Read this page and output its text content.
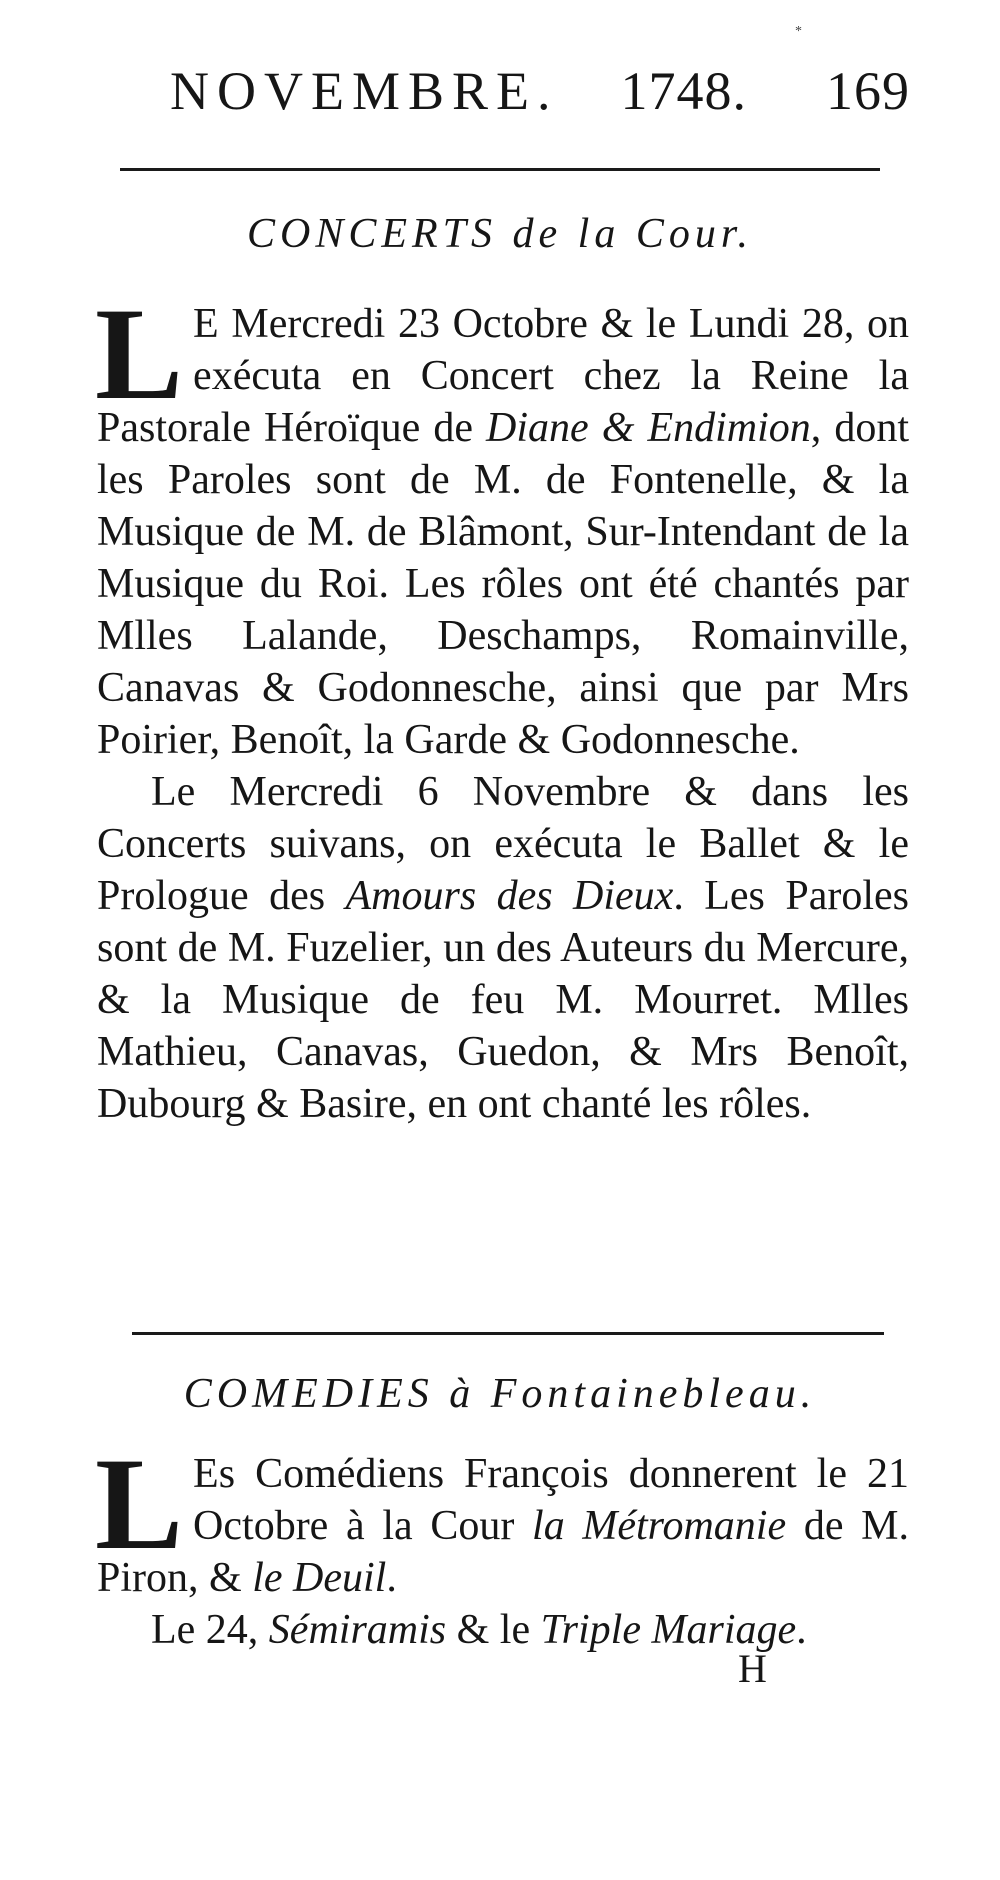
*
NOVEMBRE. 1748. 169
CONCERTS de la Cour.

L E Mercredi 23 Octobre & le Lundi 28, on exécuta en Concert chez la Reine la Pastorale Héroïque de Diane & Endimion, dont les Paroles sont de M. de Fontenelle, & la Musique de M. de Blâmont, Sur-Intendant de la Musique du Roi. Les rôles ont été chantés par Mlles Lalande, Deschamps, Romainville, Canavas & Godonnesche, ainsi que par Mrs Poirier, Benoît, la Garde & Godonnesche.

Le Mercredi 6 Novembre & dans les Concerts suivans, on exécuta le Ballet & le Prologue des Amours des Dieux. Les Paroles sont de M. Fuzelier, un des Auteurs du Mercure, & la Musique de feu M. Mourret. Mlles Mathieu, Canavas, Guedon, & Mrs Benoît, Dubourg & Basire, en ont chanté les rôles.

COMEDIES à Fontainebleau.

L Es Comédiens François donnerent le 21 Octobre à la Cour la Métromanie de M. Piron, & le Deuil.

Le 24, Sémiramis & le Triple Mariage.

H
